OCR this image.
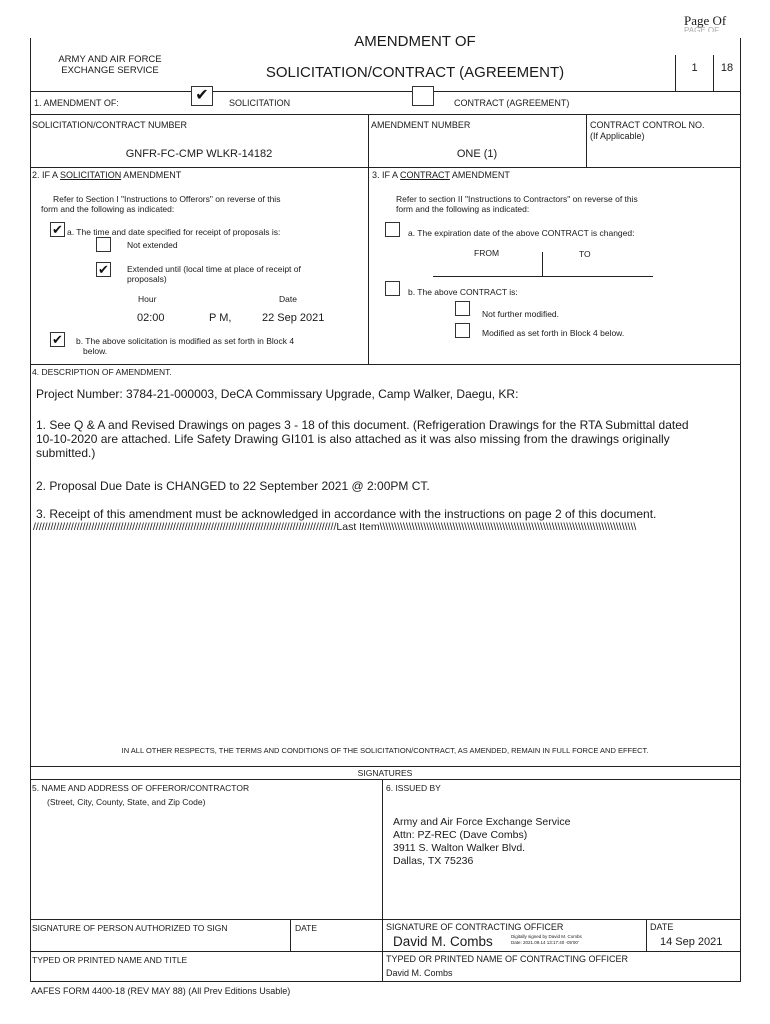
Page Of
PAGE OF
ARMY AND AIR FORCE
EXCHANGE SERVICE
AMENDMENT OF
SOLICITATION/CONTRACT (AGREEMENT)	1	18
1. AMENDMENT OF:	✔	SOLICITATION	CONTRACT (AGREEMENT)
SOLICITATION/CONTRACT NUMBER
GNFR-FC-CMP WLKR-14182
AMENDMENT NUMBER
ONE (1)
CONTRACT CONTROL NO.
(If Applicable)
2. IF A SOLICITATION AMENDMENT
Refer to Section I "Instructions to Offerors" on reverse of this
form and the following as indicated:
✔ a. The time and date specified for receipt of proposals is:
Not extended
✔ Extended until (local time at place of receipt of
proposals)
Hour	Date
02:00	P M,	22 Sep 2021
✔ b. The above solicitation is modified as set forth in Block 4
below.
3. IF A CONTRACT AMENDMENT
Refer to section II "Instructions to Contractors" on reverse of this
form and the following as indicated:
a. The expiration date of the above CONTRACT is changed:
FROM	TO
b. The above CONTRACT is:
Not further modified.
Modified as set forth in Block 4 below.
4. DESCRIPTION OF AMENDMENT.
Project Number: 3784-21-000003, DeCA Commissary Upgrade, Camp Walker, Daegu, KR:
1. See Q & A and Revised Drawings on pages 3 - 18 of this document. (Refrigeration Drawings for the RTA Submittal dated
10-10-2020 are attached. Life Safety Drawing GI101 is also attached as it was also missing from the drawings originally
submitted.)
2. Proposal Due Date is CHANGED to 22 September 2021 @ 2:00PM CT.
3. Receipt of this amendment must be acknowledged in accordance with the instructions on page 2 of this document.
////////////////////////////////////////////////////////////////////////////////////////////////////////Last Item\\\\\\\\\\\\\\\\\\\\\\\\\\\\\\\\\\\\\\\\\\\\\\\\\\\\\\\\\\\\\\\\\\\\\\\\\\\\\\\\\\\\\\\\
IN ALL OTHER RESPECTS, THE TERMS AND CONDITIONS OF THE SOLICITATION/CONTRACT, AS AMENDED, REMAIN IN FULL FORCE AND EFFECT.
SIGNATURES
5. NAME AND ADDRESS OF OFFEROR/CONTRACTOR
(Street, City, County, State, and Zip Code)
6. ISSUED BY
Army and Air Force Exchange Service
Attn: PZ-REC (Dave Combs)
3911 S. Walton Walker Blvd.
Dallas, TX 75236
SIGNATURE OF PERSON AUTHORIZED TO SIGN	DATE	SIGNATURE OF CONTRACTING OFFICER
David M. Combs	Digitally signed by David M. Combs
Date: 2021.09.14 13:17:40 -05'00'
DATE
14 Sep 2021
TYPED OR PRINTED NAME AND TITLE	TYPED OR PRINTED NAME OF CONTRACTING OFFICER
David M. Combs
AAFES FORM 4400-18 (REV MAY 88) (All Prev Editions Usable)
